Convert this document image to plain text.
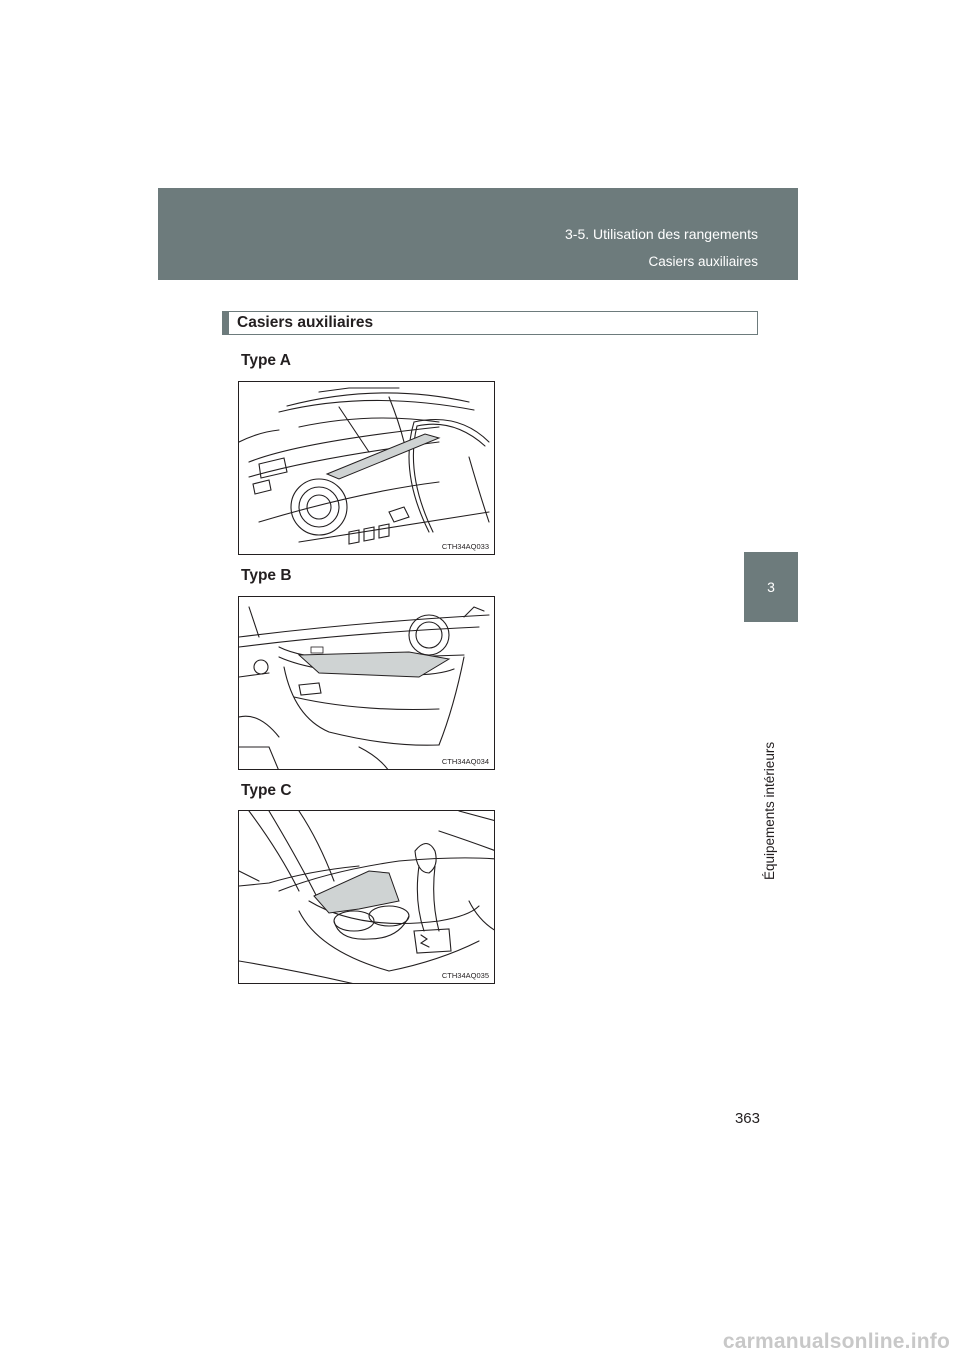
3-5. Utilisation des rangements
Casiers auxiliaires
3
Équipements intérieurs
Casiers auxiliaires
Type A
CTH34AQ033
Type B
CTH34AQ034
Type C
CTH34AQ035
363
carmanualsonline.info
